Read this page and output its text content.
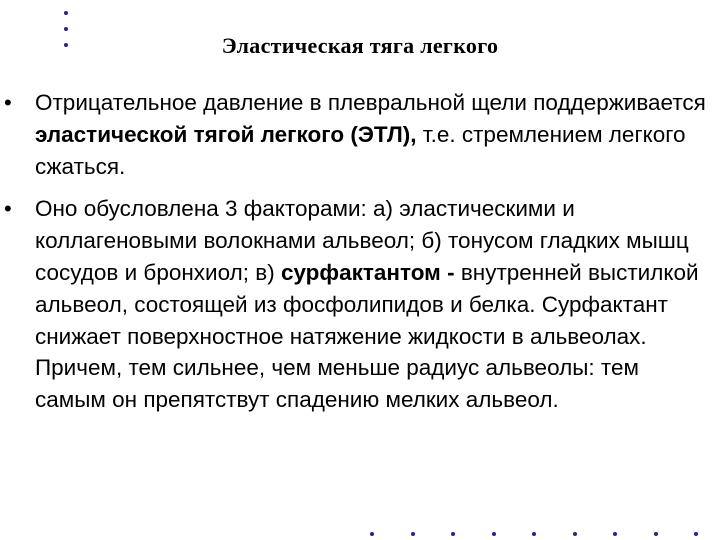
Эластическая тяга легкого
•	Отрицательное давление в плевральной щели поддерживается эластической тягой легкого (ЭТЛ), т.е. стремлением легкого сжаться.
•	Оно обусловлена 3 факторами: а) эластическими и коллагеновыми волокнами альвеол; б) тонусом гладких мышц сосудов и бронхиол; в) сурфактантом - внутренней выстилкой альвеол, состоящей из фосфолипидов и белка. Сурфактант снижает поверхностное натяжение жидкости в альвеолах. Причем, тем сильнее, чем меньше радиус альвеолы: тем самым он препятствут спадению мелких альвеол.
